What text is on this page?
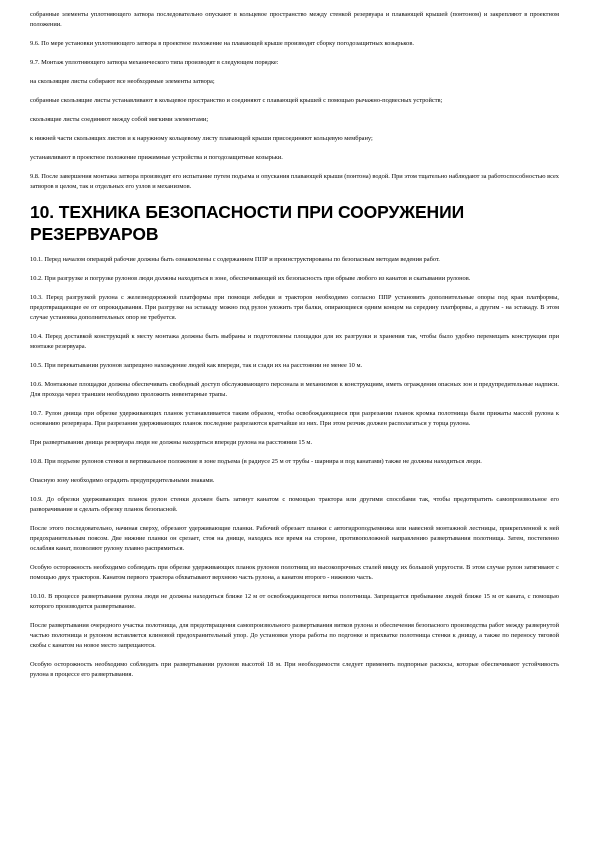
собранные элементы уплотняющего затвора последовательно опускают в кольцевое пространство между стенкой резервуара и плавающей крышей (понтоном) и закрепляют в проектном положении.

9.6. По мере установки уплотняющего затвора в проектное положение на плавающей крыше производят сборку погодозащитных козырьков.

9.7. Монтаж уплотняющего затвора механического типа производят в следующем порядке:

на скользящие листы собирают все необходимые элементы затвора;

собранные скользящие листы устанавливают в кольцевое пространство и соединяют с плавающей крышей с помощью рычажно-подвесных устройств;

скользящие листы соединяют между собой мягкими элементами;

к нижней части скользящих листов и к наружному кольцевому листу плавающей крыши присоединяют кольцевую мембрану;

устанавливают в проектное положение прижимные устройства и погодозащитные козырьки.

9.8. После завершения монтажа затвора производят его испытание путем подъема и опускания плавающей крыши (понтона) водой. При этом тщательно наблюдают за работоспособностью всех затворов в целом, так и отдельных его узлов и механизмов.

10. ТЕХНИКА БЕЗОПАСНОСТИ ПРИ СООРУЖЕНИИ РЕЗЕРВУАРОВ

10.1. Перед началом операций рабочие должны быть ознакомлены с содержанием ППР и проинструктированы по безопасным методам ведения работ.

10.2. При разгрузке и погрузке рулонов люди должны находиться в зоне, обеспечивающей их безопасность при обрыве любого из канатов и скатывании рулонов.

10.3. Перед разгрузкой рулона с железнодорожной платформы при помощи лебедки и тракторов необходимо согласно ППР установить дополнительные опоры под края платформы, предотвращающие ее от опрокидывания. При разгрузке на эстакаду можно под рулон уложить три балки, опирающиеся одним концом на середину платформы, а другим - на эстакаду. В этом случае установка дополнительных опор не требуется.

10.4. Перед доставкой конструкций к месту монтажа должны быть выбраны и подготовлены площадки для их разгрузки и хранения так, чтобы было удобно перемещать конструкции при монтаже резервуара.

10.5. При перекатывании рулонов запрещено нахождение людей как впереди, так и сзади их на расстоянии не менее 10 м.

10.6. Монтажные площадки должны обеспечивать свободный доступ обслуживающего персонала и механизмов к конструкциям, иметь ограждения опасных зон и предупредительные надписи. Для прохода через траншеи необходимо проложить инвентарные трапы.

10.7. Рулон днища при обрезке удерживающих планок устанавливается таким образом, чтобы освобождающиеся при разрезании планок кромка полотнища были прижаты массой рулона к основанию резервуара. При разрезании удерживающих планок последние разрезаются кратчайше из них. При этом резчик должен располагаться у торца рулона.

При развертывании днища резервуара люди не должны находиться впереди рулона на расстоянии 15 м.

10.8. При подъеме рулонов стенки в вертикальное положение в зоне подъема (в радиусе 25 м от трубы - шарнира и под канатами) также не должны находиться люди.

Опасную зону необходимо оградить предупредительными знаками.

10.9. До обрезки удерживающих планок рулон стенки должен быть затянут канатом с помощью трактора или другими способами так, чтобы предотвратить самопроизвольное его разворачивание и сделать обрезку планок безопасной.

После этого последовательно, начиная сверху, обрезают удерживающие планки. Рабочий обрезает планки с автогидроподъемника или навесной монтажной лестницы, прикрепленной к ней предохранительным поясом. Две нижние планки он срезает, стоя на днище, находясь все время на стороне, противоположной направлению развертывания полотнища. Затем, постепенно ослабляя канат, позволяют рулону плавно распрямиться.

Особую осторожность необходимо соблюдать при обрезке удерживающих планок рулонов полотнищ из высокопрочных сталей ввиду их большой упругости. В этом случае рулон затягивают с помощью двух тракторов. Канатом первого трактора обхватывают верхнюю часть рулона, а канатом второго - нижнюю часть.

10.10. В процессе развертывания рулона люди не должны находиться ближе 12 м от освобождающегося витка полотнища. Запрещается пребывание людей ближе 15 м от каната, с помощью которого производится развертывание.

После развертывания очередного участка полотнища, для предотвращения самопроизвольного развертывания витков рулона и обеспечения безопасного производства работ между развернутой частью полотнища и рулоном вставляется клиновой предохранительный упор. До установки упора работы по подгонке и прихватке полотнища стенки к днищу, а также по переносу тяговой скобы с канатом на новое место запрещаются.

Особую осторожность необходимо соблюдать при развертывании рулонов высотой 18 м. При необходимости следует применять подпорные раскосы, которые обеспечивают устойчивость рулона в процессе его развертывания.
